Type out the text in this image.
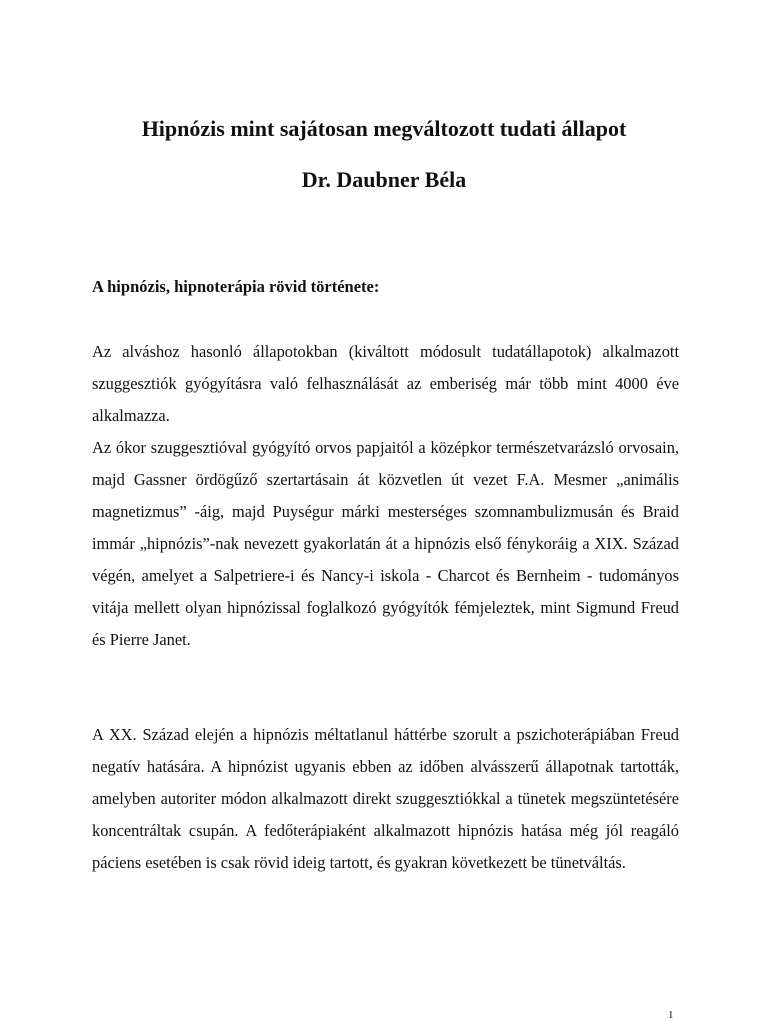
Hipnózis mint sajátosan megváltozott tudati állapot
Dr. Daubner Béla
A hipnózis, hipnoterápia rövid története:

Az alváshoz hasonló állapotokban (kiváltott módosult tudatállapotok) alkalmazott szuggesztiók gyógyításra való felhasználását az emberiség már több mint 4000 éve alkalmazza.

Az ókor szuggesztióval gyógyító orvos papjaitól a középkor természetvarázsló orvosain, majd Gassner ördögűző szertartásain át közvetlen út vezet F.A. Mesmer „animális magnetizmus” -áig, majd Puységur márki mesterséges szomnambulizmusán és Braid immár „hipnózis”-nak nevezett gyakorlatán át a hipnózis első fénykoráig a XIX. Század végén, amelyet a Salpetriere-i és Nancy-i iskola - Charcot és Bernheim - tudományos vitája mellett olyan hipnózissal foglalkozó gyógyítók fémjeleztek, mint Sigmund Freud és Pierre Janet.

A XX. Század elején a hipnózis méltatlanul háttérbe szorult a pszichoterápiában Freud negatív hatására. A hipnózist ugyanis ebben az időben alvásszerű állapotnak tartották, amelyben autoriter módon alkalmazott direkt szuggesztiókkal a tünetek megszüntetésére koncentráltak csupán. A fedőterápiaként alkalmazott hipnózis hatása még jól reagáló páciens esetében is csak rövid ideig tartott, és gyakran következett be tünetváltás.

1
